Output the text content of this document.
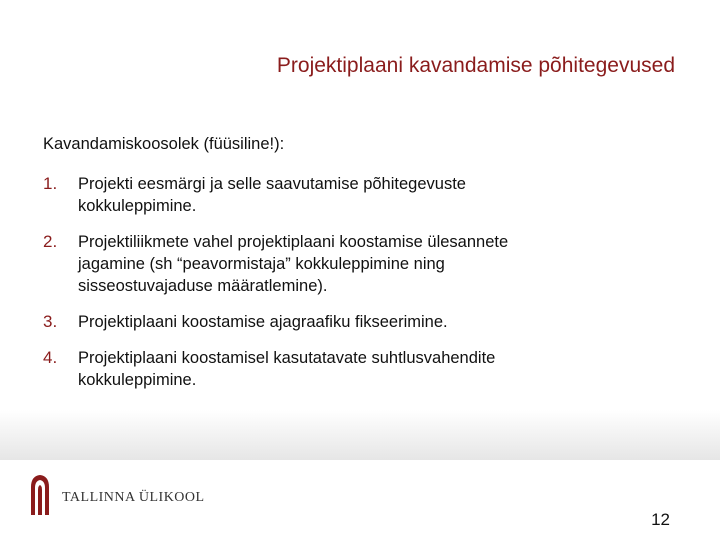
Projektiplaani kavandamise põhitegevused
Kavandamiskoosolek (füüsiline!):
1. Projekti eesmärgi ja selle saavutamise põhitegevuste
kokkuleppimine.
2. Projektiliikmete vahel projektiplaani koostamise ülesannete
jagamine (sh “peavormistaja” kokkuleppimine ning
sisseostuvajaduse määratlemine).
3. Projektiplaani koostamise ajagraafiku fikseerimine.
4. Projektiplaani koostamisel kasutatavate suhtlusvahendite
kokkuleppimine.
TALLINNA ÜLIKOOL
12
